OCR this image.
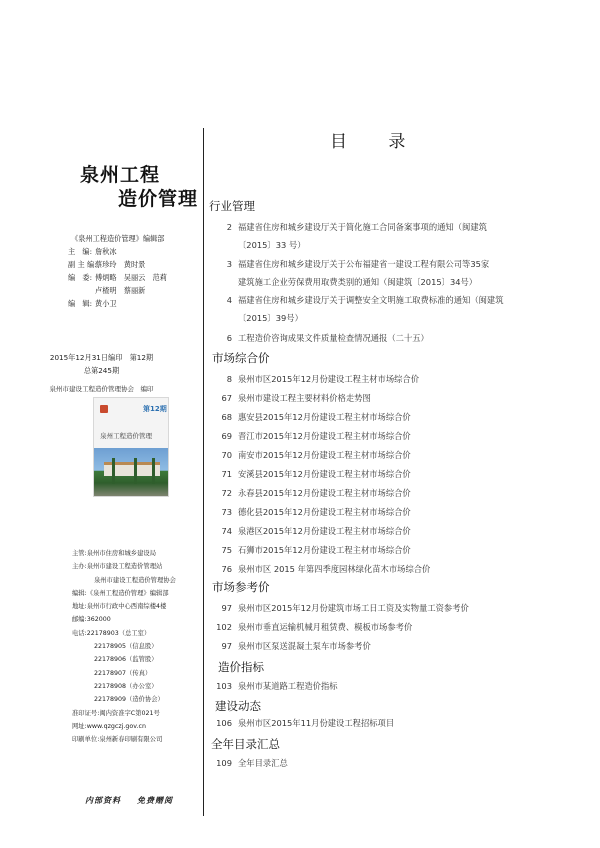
泉州工程
造价管理
《泉州工程造价管理》编辑部
主　编: 詹秋冰
副 主 编:
蔡珍玲　黄时景
编　委: 傅炳略　吴丽云　范莉
卢楂明　蔡丽新
编　辑: 黄小卫
2015年12月31日编印　第12期
总第245期
泉州市建设工程造价管理协会　编印
第12期
泉州工程造价管理
主管:泉州市住房和城乡建设局
主办:泉州市建设工程造价管理站
泉州市建设工程造价管理协会
编辑:《泉州工程造价管理》编辑部
地址:泉州市行政中心西南综楼4楼
邮编:362000
电话:22178903（总工室）
22178905（信息股）
22178906（监管股）
22178907（传真）
22178908（办公室）
22178909（造价协会）
准印证号:闽内资准字C第021号
网址:www.qzgczj.gov.cn
印刷单位:泉州新春印刷有限公司
内部资料 免费赠阅
目 录
行业管理
2 福建省住房和城乡建设厅关于简化施工合同备案事项的通知（闽建筑
〔2015〕33 号）
3 福建省住房和城乡建设厅关于公布福建省一建设工程有限公司等35家
建筑施工企业劳保费用取费类别的通知（闽建筑〔2015〕34号）
4 福建省住房和城乡建设厅关于调整安全文明施工取费标准的通知（闽建筑
〔2015〕39号）
6 工程造价咨询成果文件质量检查情况通报（二十五）
市场综合价
8 泉州市区2015年12月份建设工程主材市场综合价
67 泉州市建设工程主要材料价格走势图
68 惠安县2015年12月份建设工程主材市场综合价
69 晋江市2015年12月份建设工程主材市场综合价
70 南安市2015年12月份建设工程主材市场综合价
71 安溪县2015年12月份建设工程主材市场综合价
72 永春县2015年12月份建设工程主材市场综合价
73 德化县2015年12月份建设工程主材市场综合价
74 泉港区2015年12月份建设工程主材市场综合价
75 石狮市2015年12月份建设工程主材市场综合价
76 泉州市区 2015 年第四季度园林绿化苗木市场综合价
市场参考价
97 泉州市区2015年12月份建筑市场工日工资及实物量工资参考价
102 泉州市垂直运输机械月租赁费、模板市场参考价
97 泉州市区泵送混凝土泵车市场参考价
造价指标
103 泉州市某道路工程造价指标
建设动态
106 泉州市区2015年11月份建设工程招标项目
全年目录汇总
109 全年目录汇总
